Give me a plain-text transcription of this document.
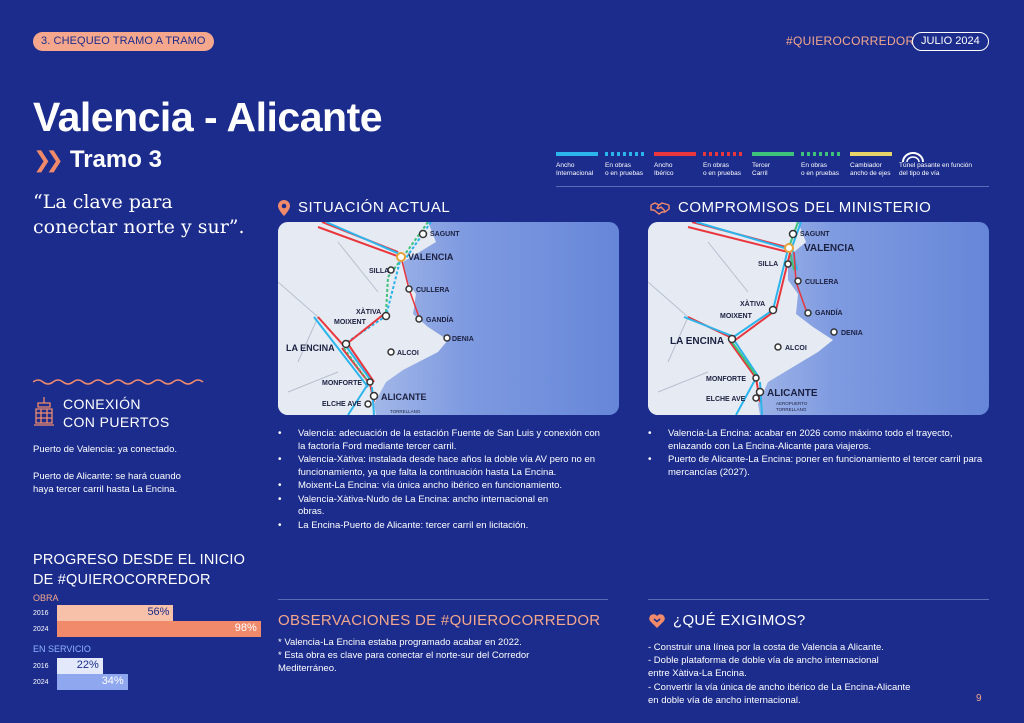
3. CHEQUEO TRAMO A TRAMO	#QUIEROCORREDOR JULIO 2024
Valencia - Alicante
❯❯ Tramo 3
“La clave para
conectar norte y sur”.
Ancho
Internacional
En obras
o en pruebas
Ancho
Ibérico
En obras
o en pruebas
Tercer
Carril
En obras
o en pruebas
Cambiador
ancho de ejes
Túnel pasante en función
del tipo de vía
SITUACIÓN ACTUAL	COMPROMISOS DEL MINISTERIO
SAGUNT
VALENCIA
SILLA
CULLERA
XÀTIVA
MOIXENT	GANDÍA
DENIA
LA ENCINA
ALCOI
MONFORTE
ALICANTE
ELCHE AVE
TORRELLANO
SAGUNT
VALENCIA
SILLA
CULLERA
XÀTIVA
MOIXENT	GANDÍA
DENIA
LA ENCINA
ALCOI
MONFORTE
ALICANTE
ELCHE AVE
AEROPUERTO
TORRELLANO
• Valencia: adecuación de la estación Fuente de San Luis y conexión con la factoría Ford mediante tercer carril.
• Valencia-Xàtiva: instalada desde hace años la doble vía AV pero no en funcionamiento, ya que falta la continuación hasta La Encina.
• Moixent-La Encina: vía única ancho ibérico en funcionamiento.
• Valencia-Xàtiva-Nudo de La Encina: ancho internacional en obras.
• La Encina-Puerto de Alicante: tercer carril en licitación.
• Valencia-La Encina: acabar en 2026 como máximo todo el trayecto, enlazando con La Encina-Alicante para viajeros.
• Puerto de Alicante-La Encina: poner en funcionamiento el tercer carril para mercancías (2027).
CONEXIÓN
CON PUERTOS
Puerto de Valencia: ya conectado.
Puerto de Alicante: se hará cuando
haya tercer carril hasta La Encina.
PROGRESO DESDE EL INICIO
DE #QUIEROCORREDOR
OBRA
2016	56%
2024	98%
EN SERVICIO
2016	22%
2024	34%
OBSERVACIONES DE #QUIEROCORREDOR
* Valencia-La Encina estaba programado acabar en 2022.
* Esta obra es clave para conectar el norte-sur del Corredor
Mediterráneo.
¿QUÉ EXIGIMOS?
- Construir una línea por la costa de Valencia a Alicante.
- Doble plataforma de doble vía de ancho internacional
entre Xàtiva-La Encina.
- Convertir la vía única de ancho ibérico de La Encina-Alicante
en doble vía de ancho internacional.	9
